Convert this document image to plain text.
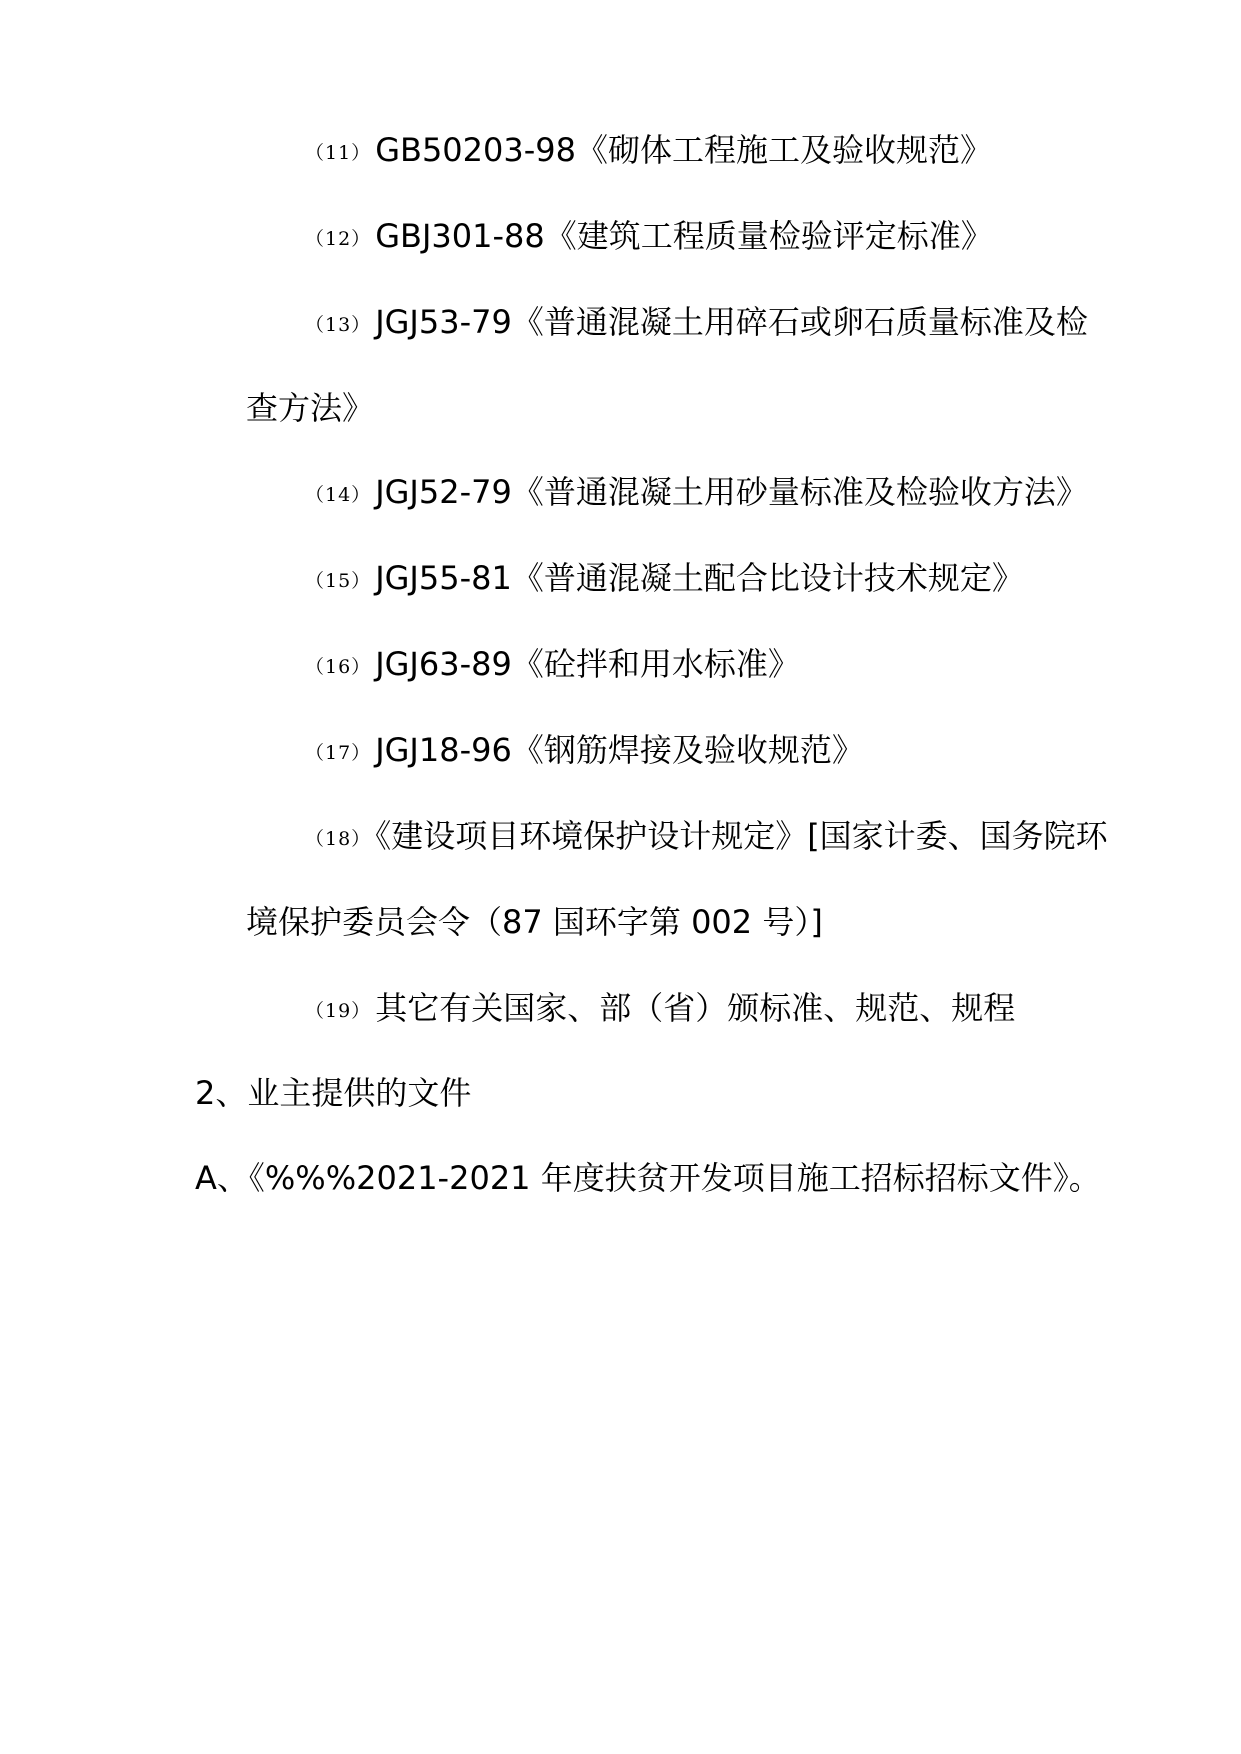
（11） GB50203-98《砌体工程施工及验收规范》
（12） GBJ301-88《建筑工程质量检验评定标准》
（13） JGJ53-79《普通混凝土用碎石或卵石质量标准及检
查方法》
（14） JGJ52-79《普通混凝土用砂量标准及检验收方法》
（15） JGJ55-81《普通混凝土配合比设计技术规定》
（16） JGJ63-89《砼拌和用水标准》
（17） JGJ18-96《钢筋焊接及验收规范》
（18） 《建设项目环境保护设计规定》[国家计委、国务院环
境保护委员会令（87 国环字第 002 号）]
（19） 其它有关国家、部（省）颁标准、规范、规程
2、业主提供的文件
A、《%%%2021-2021 年度扶贫开发项目施工招标招标文件》。
